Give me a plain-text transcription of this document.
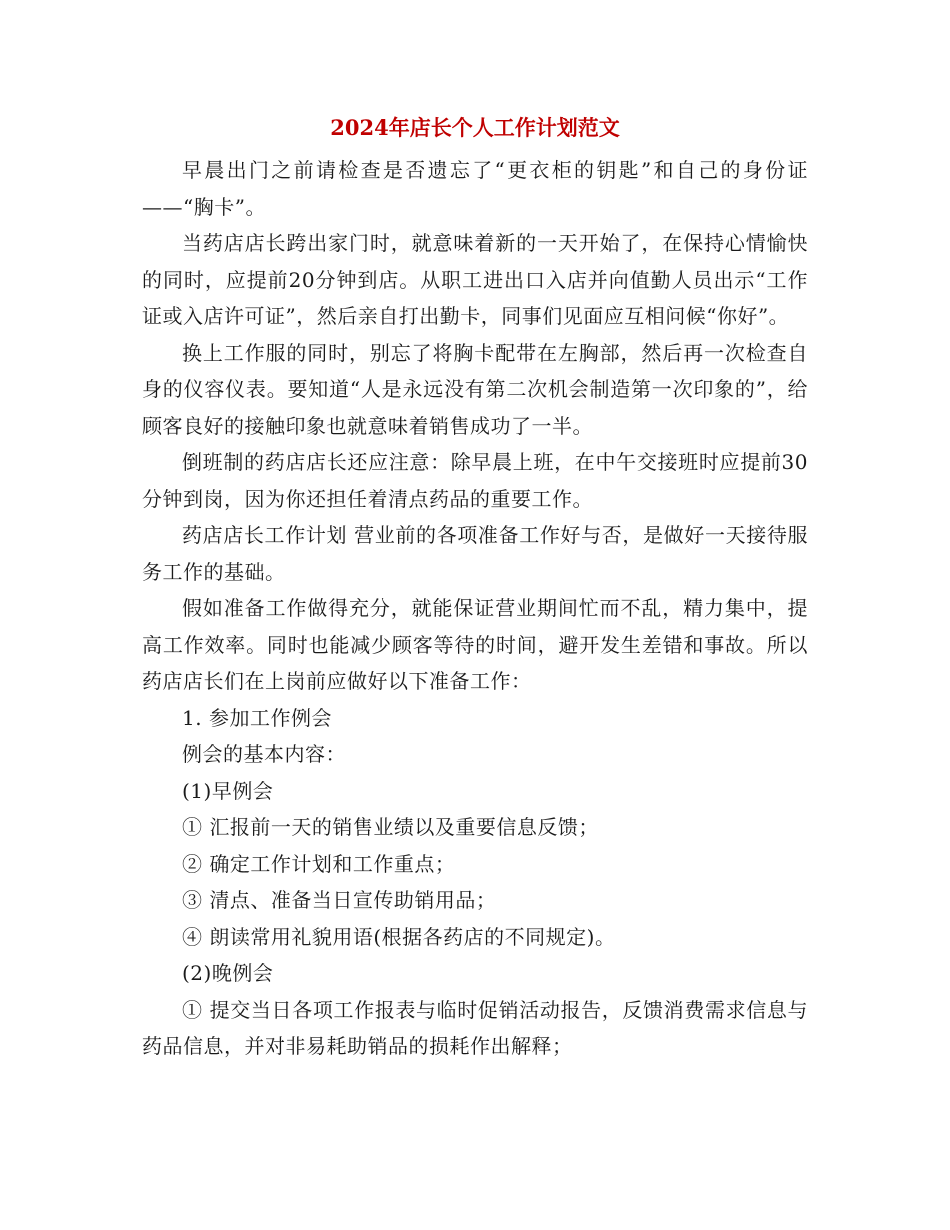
2024年店长个人工作计划范文

早晨出门之前请检查是否遗忘了“更衣柜的钥匙”和自己的身份证——“胸卡”。

当药店店长跨出家门时，就意味着新的一天开始了，在保持心情愉快的同时，应提前20分钟到店。从职工进出口入店并向值勤人员出示“工作证或入店许可证”，然后亲自打出勤卡，同事们见面应互相问候“你好”。

换上工作服的同时，别忘了将胸卡配带在左胸部，然后再一次检查自身的仪容仪表。要知道“人是永远没有第二次机会制造第一次印象的”，给顾客良好的接触印象也就意味着销售成功了一半。

倒班制的药店店长还应注意：除早晨上班，在中午交接班时应提前30分钟到岗，因为你还担任着清点药品的重要工作。

药店店长工作计划 营业前的各项准备工作好与否，是做好一天接待服务工作的基础。

假如准备工作做得充分，就能保证营业期间忙而不乱，精力集中，提高工作效率。同时也能减少顾客等待的时间，避开发生差错和事故。所以药店店长们在上岗前应做好以下准备工作：

1. 参加工作例会

例会的基本内容：

(1)早例会

① 汇报前一天的销售业绩以及重要信息反馈；

② 确定工作计划和工作重点；

③ 清点、准备当日宣传助销用品；

④ 朗读常用礼貌用语(根据各药店的不同规定)。

(2)晚例会

① 提交当日各项工作报表与临时促销活动报告，反馈消费需求信息与药品信息，并对非易耗助销品的损耗作出解释；
